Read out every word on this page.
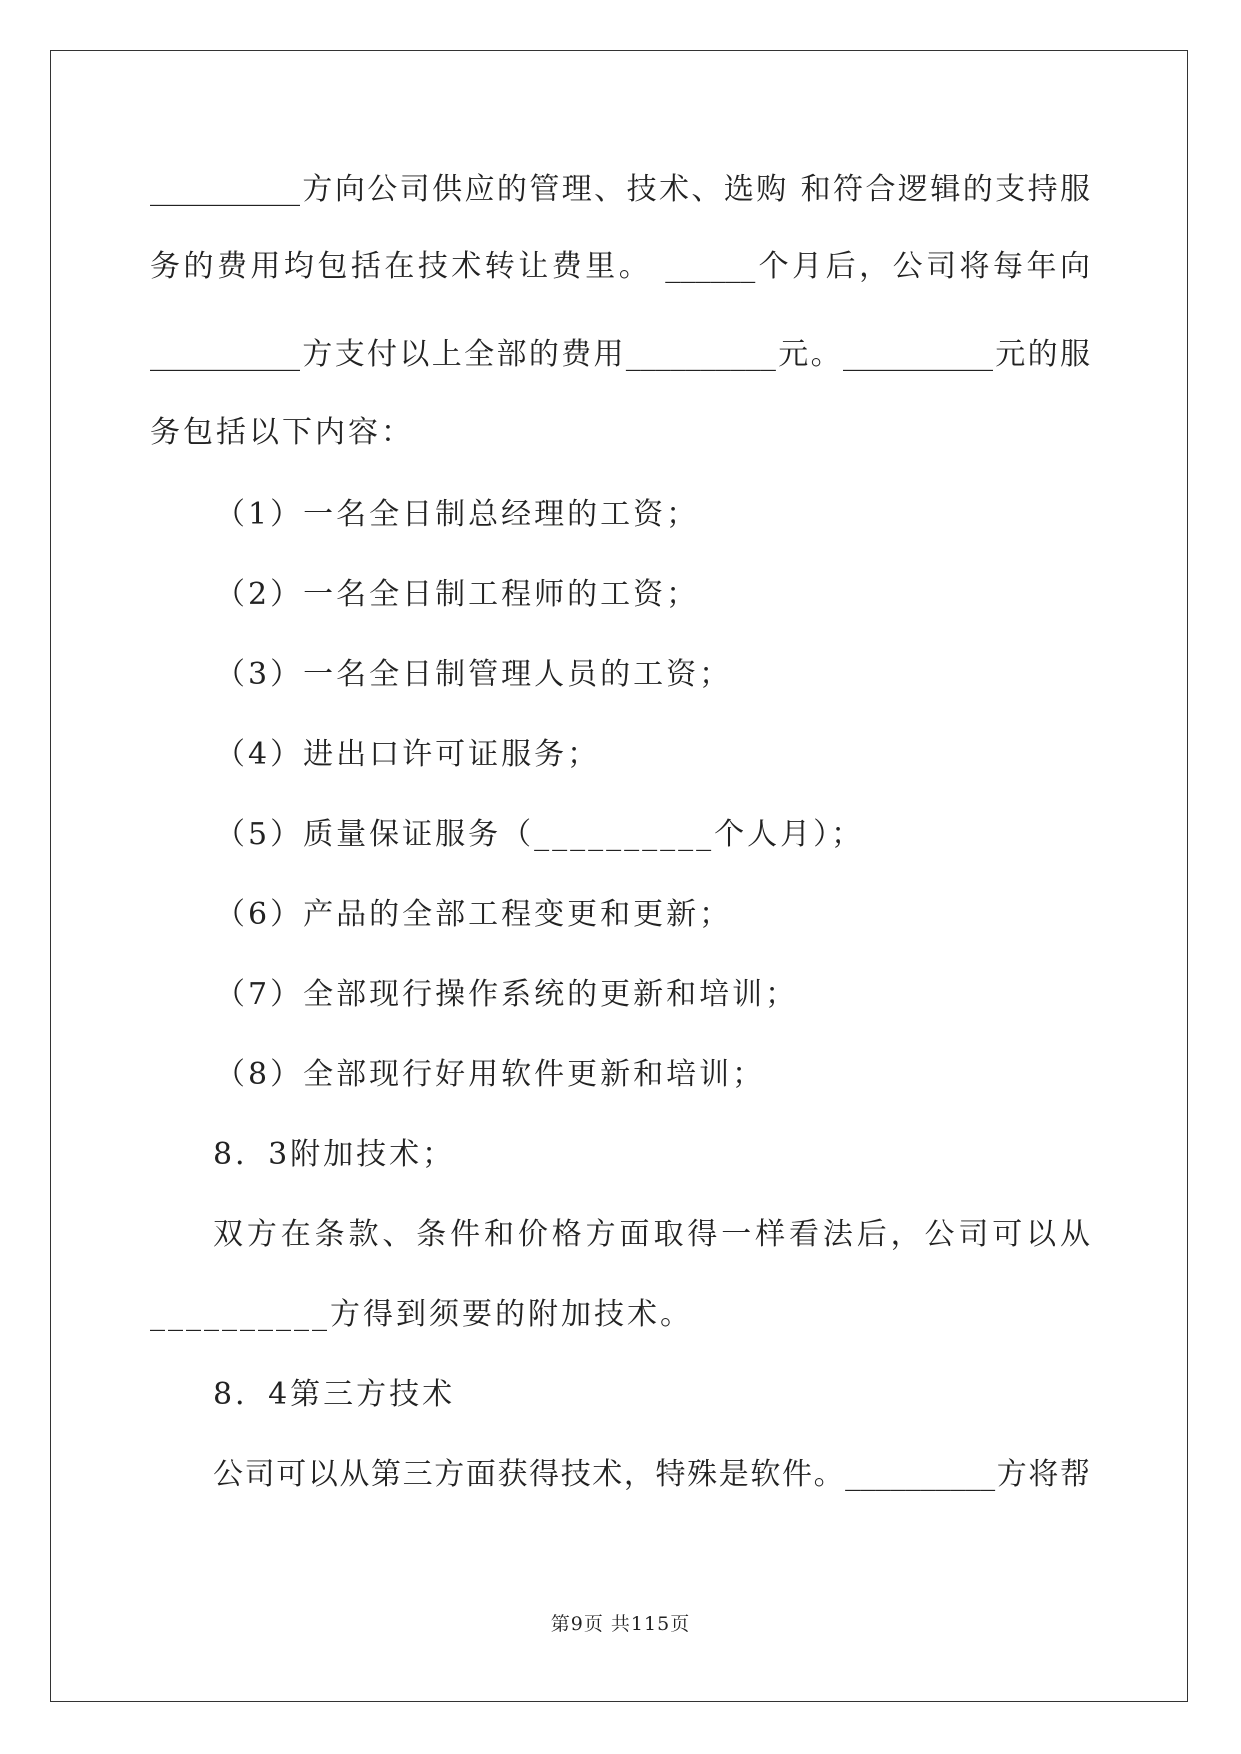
__________方向公司供应的管理、技术、选购 和符合逻辑的支持服
务的费用均包括在技术转让费里。 ______个月后，公司将每年向
__________方支付以上全部的费用__________元。__________元的服
务包括以下内容：
（1）一名全日制总经理的工资；
（2）一名全日制工程师的工资；
（3）一名全日制管理人员的工资；
（4）进出口许可证服务；
（5）质量保证服务（__________个人月）；
（6）产品的全部工程变更和更新；
（7）全部现行操作系统的更新和培训；
（8）全部现行好用软件更新和培训；
8．3附加技术；
双方在条款、条件和价格方面取得一样看法后，公司可以从
__________方得到须要的附加技术。
8．4第三方技术
公司可以从第三方面获得技术，特殊是软件。__________方将帮
第9页 共115页
